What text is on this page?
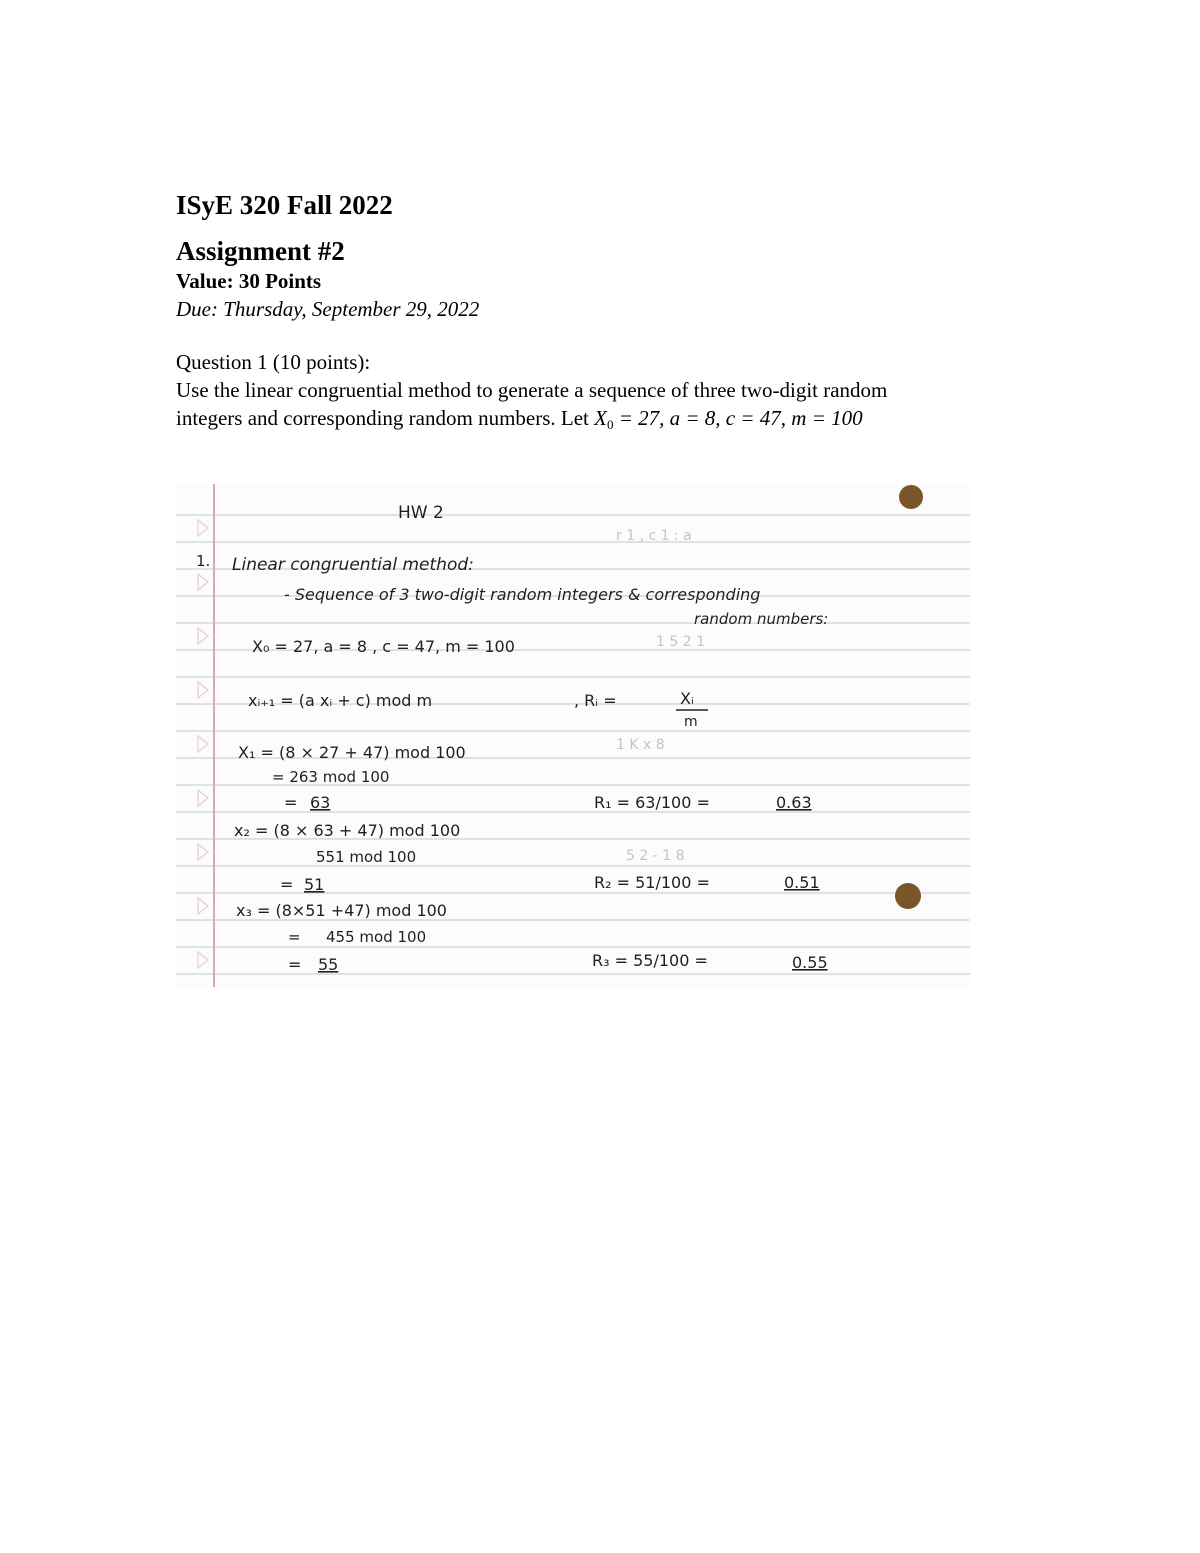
ISyE 320 Fall 2022
Assignment #2
Value: 30 Points
Due: Thursday, September 29, 2022
Question 1 (10 points):
Use the linear congruential method to generate a sequence of three two-digit random
integers and corresponding random numbers. Let $X_0 = 27$, a = 8, c = 47, m = 100
r 1 , c 1 : a
1 5 2 1
1 K x 8
5 2 - 1 8
HW 2
1. Linear congruential method:
- Sequence of 3 two-digit random integers & corresponding
random numbers:
X₀ = 27, a = 8 , c = 47, m = 100
xᵢ₊₁ = (a xᵢ + c) mod m	, Rᵢ =	Xᵢ
m
X₁ = (8 × 27 + 47) mod 100
= 263 mod 100
= 63	R₁ = 63/100 =	0.63
x₂ = (8 × 63 + 47) mod 100
551 mod 100
= 51	R₂ = 51/100 =	0.51
x₃ = (8×51 +47) mod 100
= 455 mod 100
= 55	R₃ = 55/100 =	0.55
